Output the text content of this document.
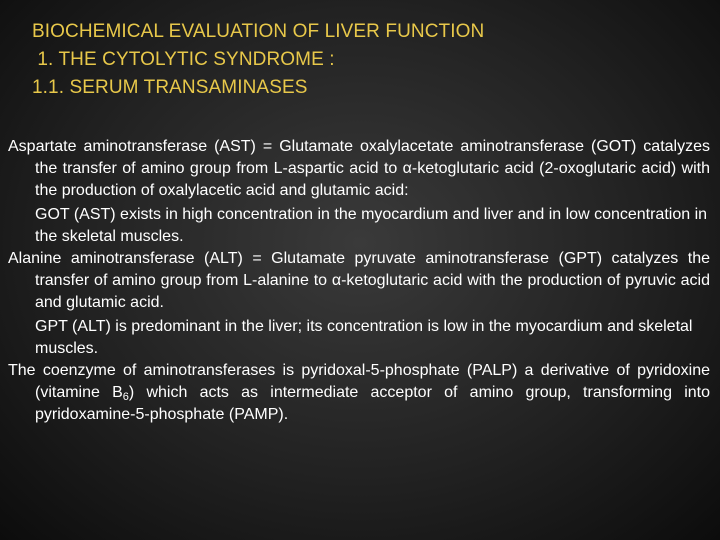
BIOCHEMICAL EVALUATION OF LIVER FUNCTION
1. THE CYTOLYTIC SYNDROME :
1.1. SERUM TRANSAMINASES

Aspartate aminotransferase (AST) = Glutamate oxalylacetate aminotransferase (GOT) catalyzes the transfer of amino group from L-aspartic acid to α-ketoglutaric acid (2-oxoglutaric acid) with the production of oxalylacetic acid and glutamic acid:

GOT (AST) exists in high concentration in the myocardium and liver and in low concentration in the skeletal muscles.

Alanine aminotransferase (ALT) = Glutamate pyruvate aminotransferase (GPT) catalyzes the transfer of amino group from L-alanine to α-ketoglutaric acid with the production of pyruvic acid and glutamic acid.

GPT (ALT) is predominant in the liver; its concentration is low in the myocardium and skeletal muscles.

The coenzyme of aminotransferases is pyridoxal-5-phosphate (PALP) a derivative of pyridoxine (vitamine $B_6$) which acts as intermediate acceptor of amino group, transforming into pyridoxamine-5-phosphate (PAMP).
